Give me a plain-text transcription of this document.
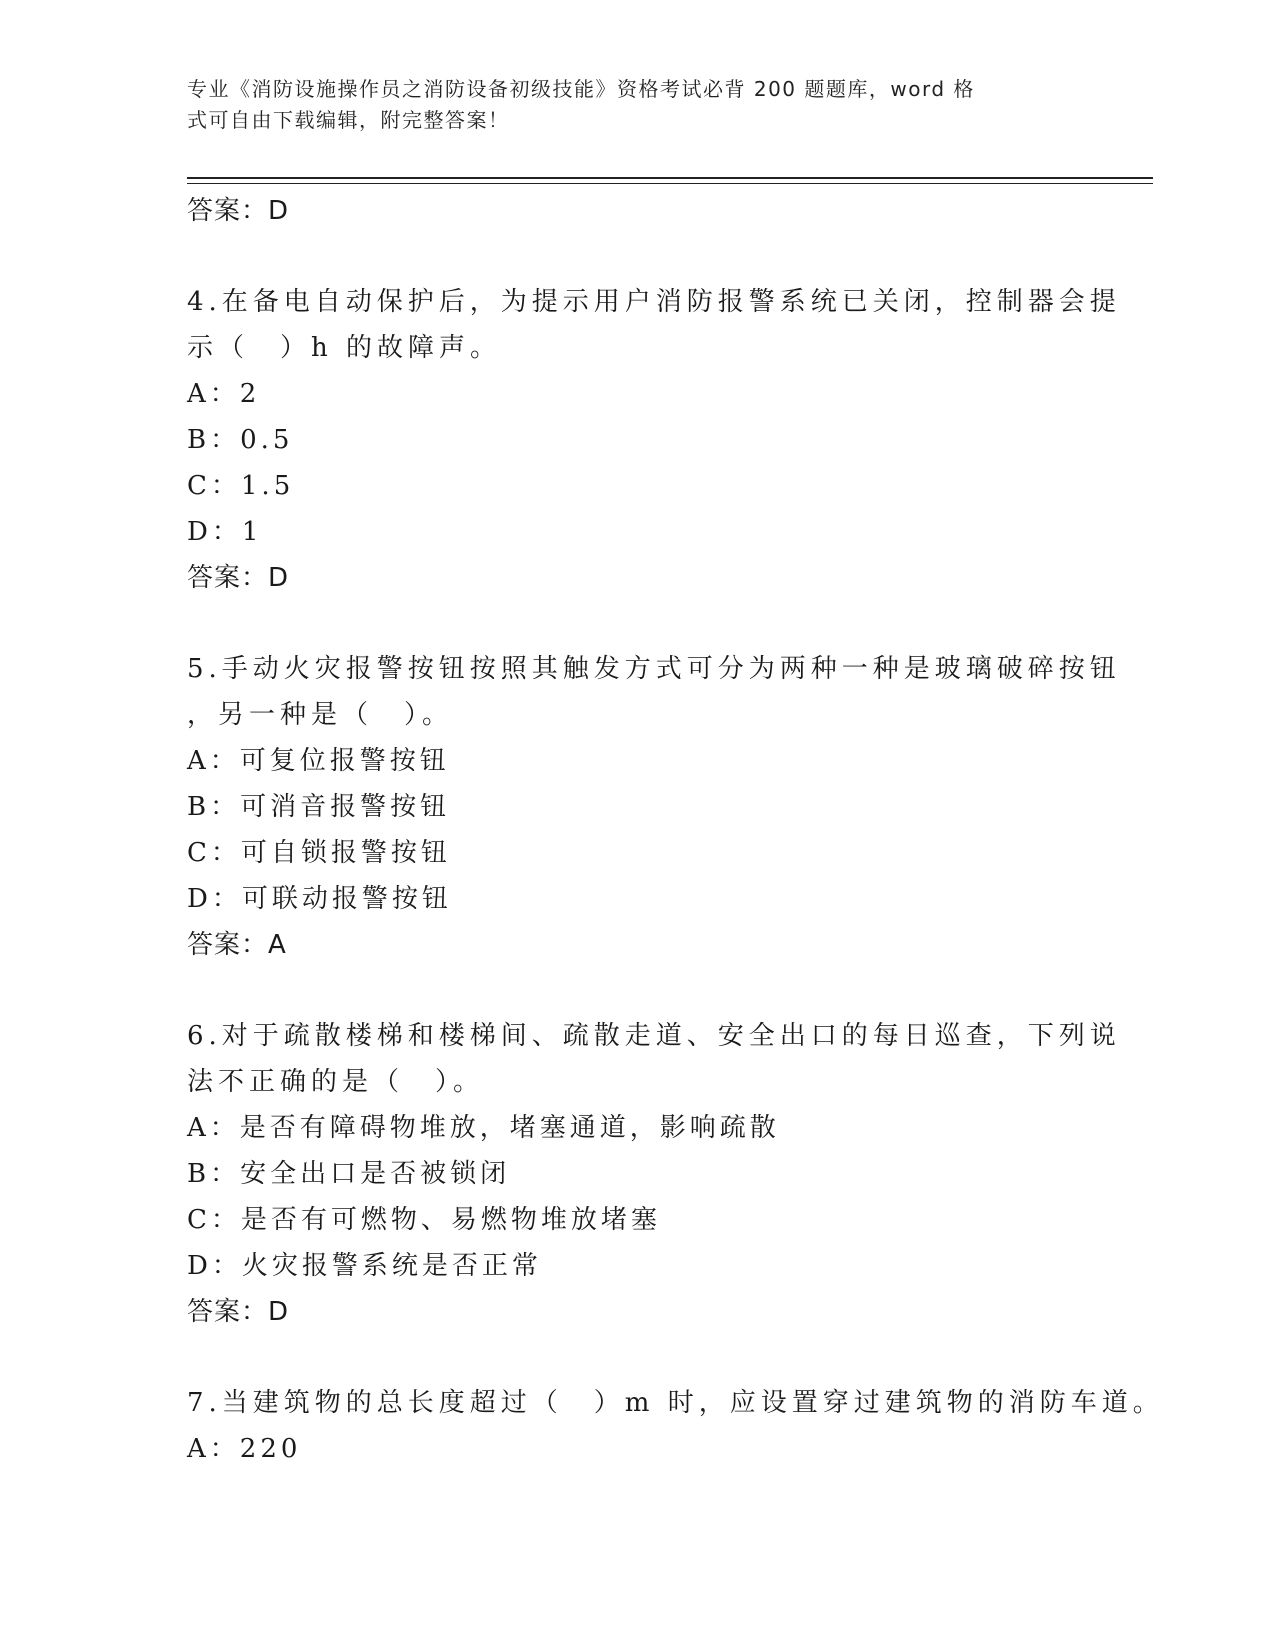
专业《消防设施操作员之消防设备初级技能》资格考试必背 200 题题库，word 格
式可自由下载编辑，附完整答案！
答案：D
4.在备电自动保护后，为提示用户消防报警系统已关闭，控制器会提
示（　）h 的故障声。
A：2
B：0.5
C：1.5
D：1
答案：D
5.手动火灾报警按钮按照其触发方式可分为两种一种是玻璃破碎按钮
，另一种是（　）。
A：可复位报警按钮
B：可消音报警按钮
C：可自锁报警按钮
D：可联动报警按钮
答案：A
6.对于疏散楼梯和楼梯间、疏散走道、安全出口的每日巡查，下列说
法不正确的是（　）。
A：是否有障碍物堆放，堵塞通道，影响疏散
B：安全出口是否被锁闭
C：是否有可燃物、易燃物堆放堵塞
D：火灾报警系统是否正常
答案：D
7.当建筑物的总长度超过（　）m 时，应设置穿过建筑物的消防车道。
A：220
